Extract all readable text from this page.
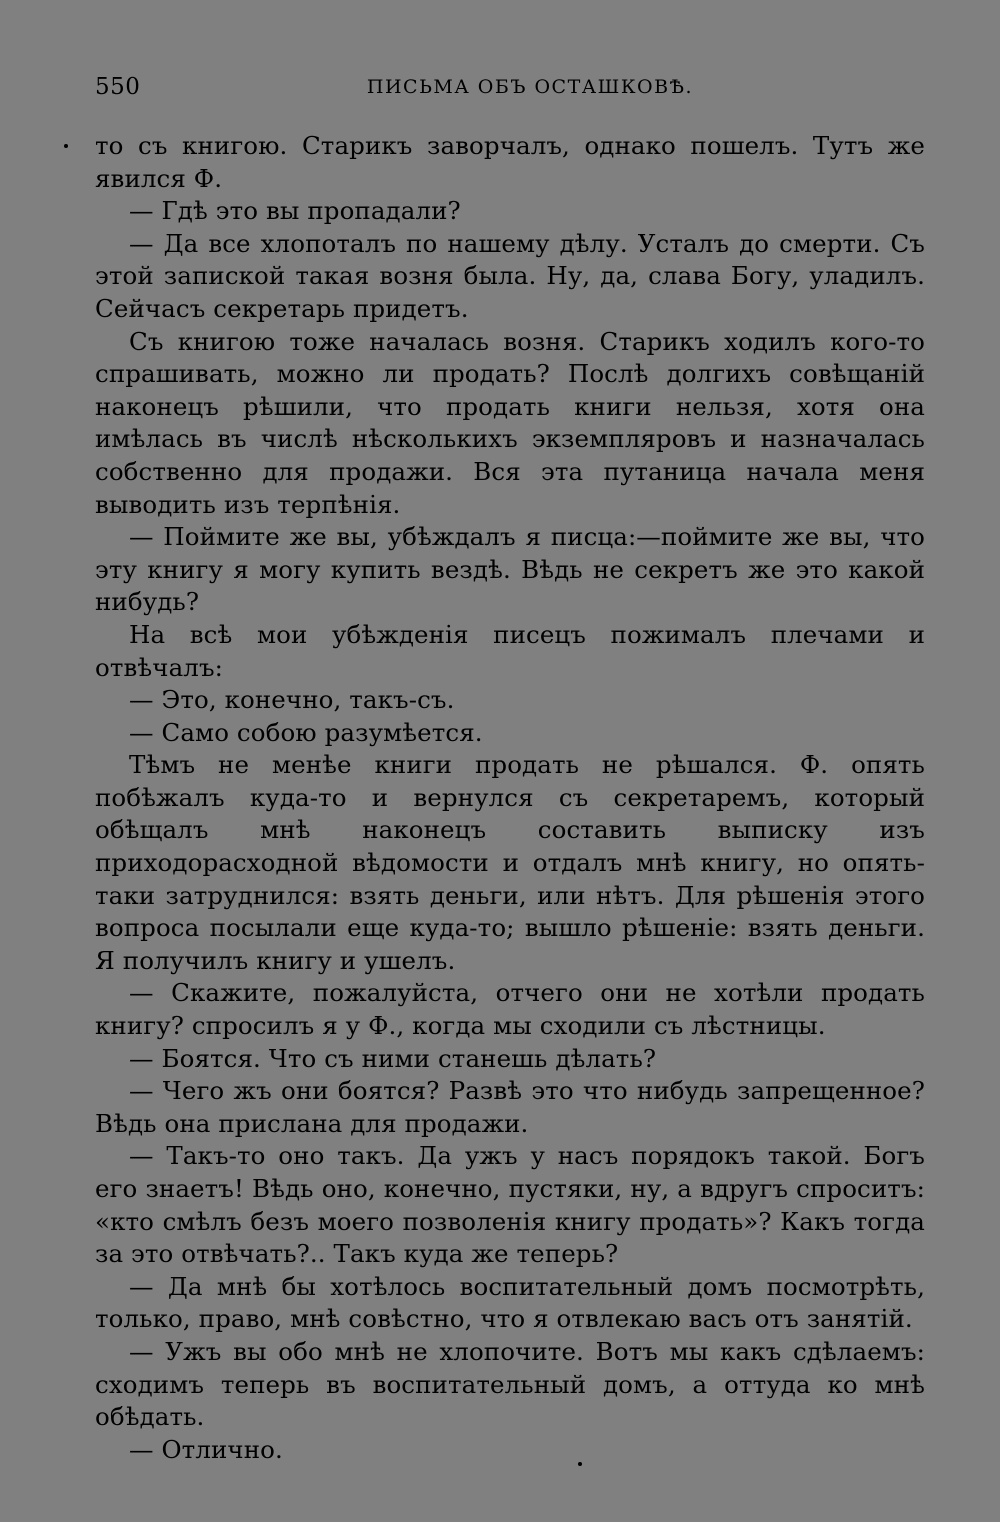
550	ПИСЬМА ОБЪ ОСТАШКОВѢ.

то съ книгою. Старикъ заворчалъ, однако пошелъ. Тутъ же явился Ф.

— Гдѣ это вы пропадали?

— Да все хлопоталъ по нашему дѣлу. Усталъ до смерти. Съ этой запиской такая возня была. Ну, да, слава Богу, уладилъ. Сейчасъ секретарь придетъ.

Съ книгою тоже началась возня. Старикъ ходилъ кого-то спрашивать, можно ли продать? Послѣ долгихъ совѣщаній наконецъ рѣшили, что продать книги нельзя, хотя она имѣлась въ числѣ нѣсколькихъ экземпляровъ и назначалась собственно для продажи. Вся эта путаница начала меня выводить изъ терпѣнія.

— Поймите же вы, убѣждалъ я писца:—поймите же вы, что эту книгу я могу купить вездѣ. Вѣдь не секретъ же это какой нибудь?

На всѣ мои убѣжденія писецъ пожималъ плечами и отвѣчалъ:

— Это, конечно, такъ-съ.

— Само собою разумѣется.

Тѣмъ не менѣе книги продать не рѣшался. Ф. опять побѣжалъ куда-то и вернулся съ секретаремъ, который обѣщалъ мнѣ наконецъ составить выписку изъ приходорасходной вѣдомости и отдалъ мнѣ книгу, но опять-таки затруднился: взять деньги, или нѣтъ. Для рѣшенія этого вопроса посылали еще куда-то; вышло рѣшеніе: взять деньги. Я получилъ книгу и ушелъ.

— Скажите, пожалуйста, отчего они не хотѣли продать книгу? спросилъ я у Ф., когда мы сходили съ лѣстницы.

— Боятся. Что съ ними станешь дѣлать?

— Чего жъ они боятся? Развѣ это что нибудь запрещенное? Вѣдь она прислана для продажи.

— Такъ-то оно такъ. Да ужъ у насъ порядокъ такой. Богъ его знаетъ! Вѣдь оно, конечно, пустяки, ну, а вдругъ спроситъ: «кто смѣлъ безъ моего позволенія книгу продать»? Какъ тогда за это отвѣчать?.. Такъ куда же теперь?

— Да мнѣ бы хотѣлось воспитательный домъ посмотрѣть, только, право, мнѣ совѣстно, что я отвлекаю васъ отъ занятій.

— Ужъ вы обо мнѣ не хлопочите. Вотъ мы какъ сдѣлаемъ: сходимъ теперь въ воспитательный домъ, а оттуда ко мнѣ обѣдать.

— Отлично.
